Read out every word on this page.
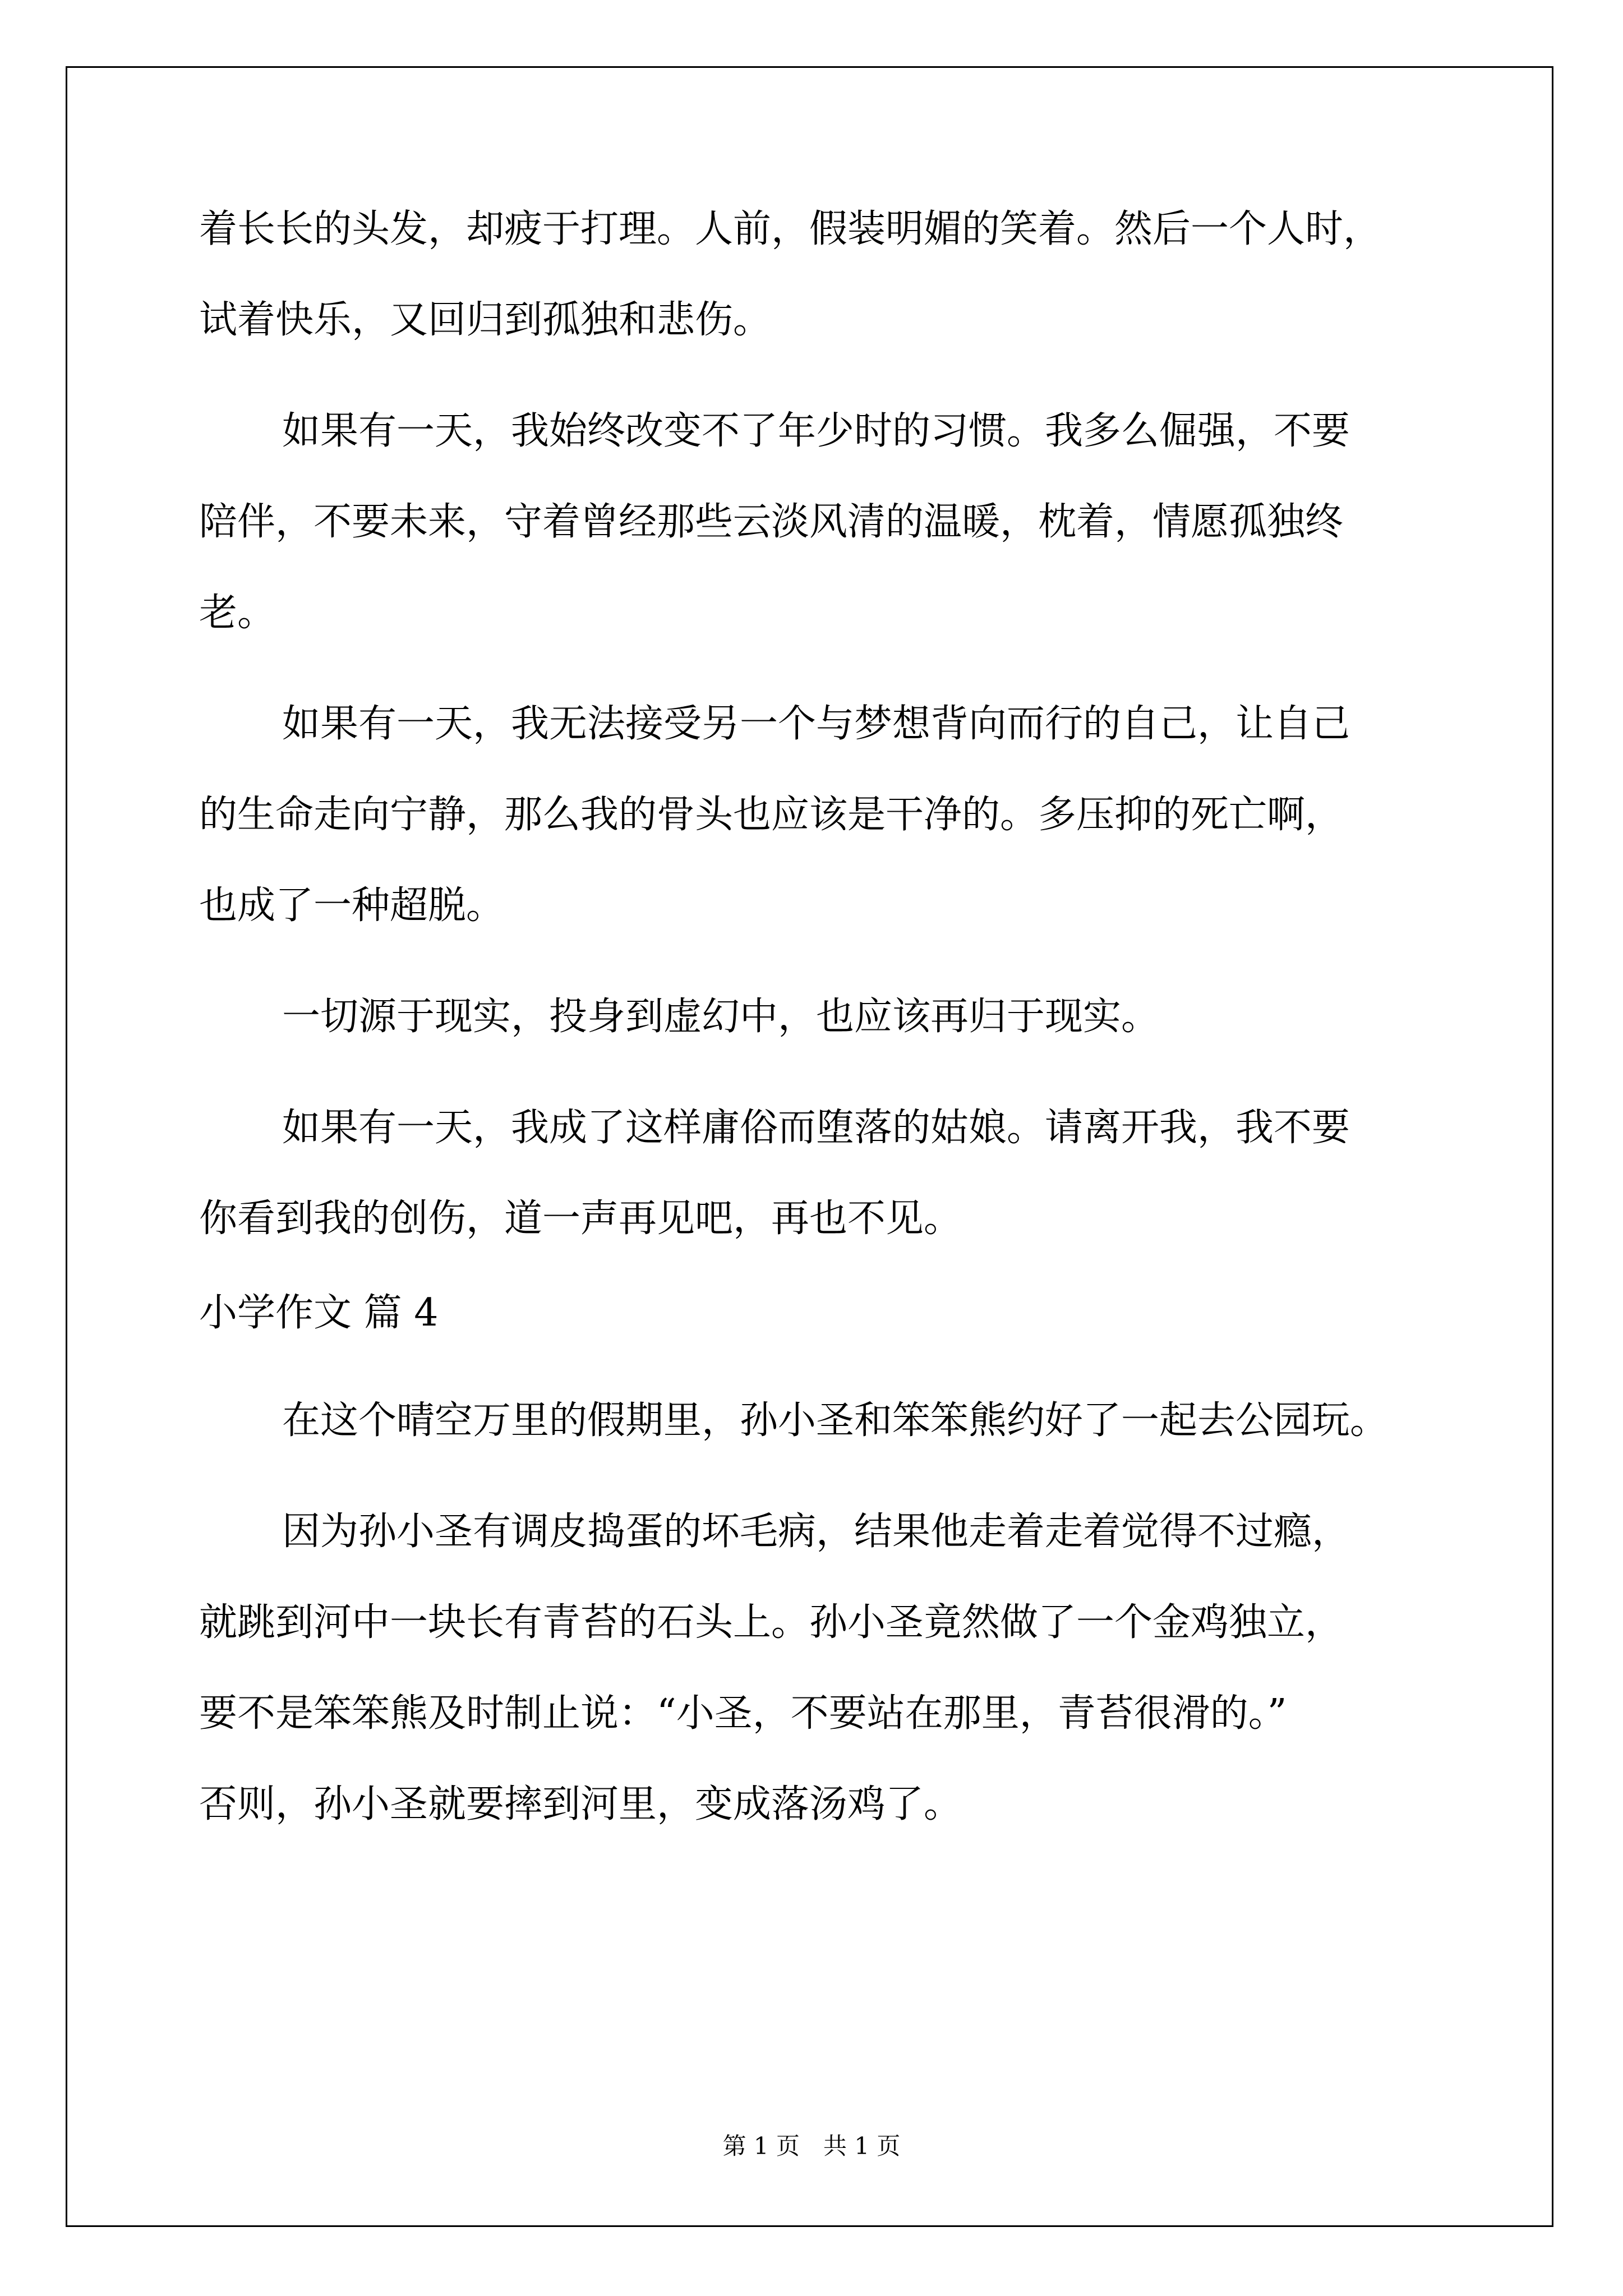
着长长的头发，却疲于打理。人前，假装明媚的笑着。然后一个人时，
试着快乐，又回归到孤独和悲伤。
如果有一天，我始终改变不了年少时的习惯。我多么倔强，不要
陪伴，不要未来，守着曾经那些云淡风清的温暖，枕着，情愿孤独终
老。
如果有一天，我无法接受另一个与梦想背向而行的自己，让自己
的生命走向宁静，那么我的骨头也应该是干净的。多压抑的死亡啊，
也成了一种超脱。
一切源于现实，投身到虚幻中，也应该再归于现实。
如果有一天，我成了这样庸俗而堕落的姑娘。请离开我，我不要
你看到我的创伤，道一声再见吧，再也不见。
小学作文 篇 4
在这个晴空万里的假期里，孙小圣和笨笨熊约好了一起去公园玩。
因为孙小圣有调皮捣蛋的坏毛病，结果他走着走着觉得不过瘾，
就跳到河中一块长有青苔的石头上。孙小圣竟然做了一个金鸡独立，
要不是笨笨熊及时制止说：“小圣，不要站在那里，青苔很滑的。”
否则，孙小圣就要摔到河里，变成落汤鸡了。
第 1 页　共 1 页
